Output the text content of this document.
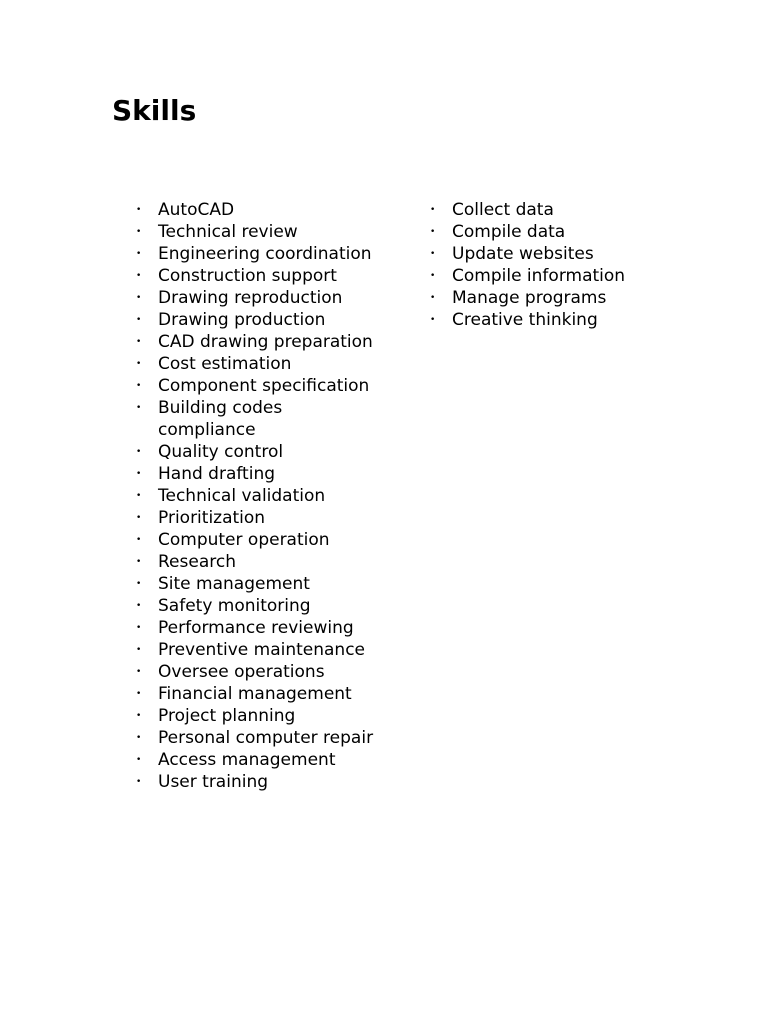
Skills
• AutoCAD
• Technical review
• Engineering coordination
• Construction support
• Drawing reproduction
• Drawing production
• CAD drawing preparation
• Cost estimation
• Component specification
• Building codes compliance
• Quality control
• Hand drafting
• Technical validation
• Prioritization
• Computer operation
• Research
• Site management
• Safety monitoring
• Performance reviewing
• Preventive maintenance
• Oversee operations
• Financial management
• Project planning
• Personal computer repair
• Access management
• User training
• Collect data
• Compile data
• Update websites
• Compile information
• Manage programs
• Creative thinking
